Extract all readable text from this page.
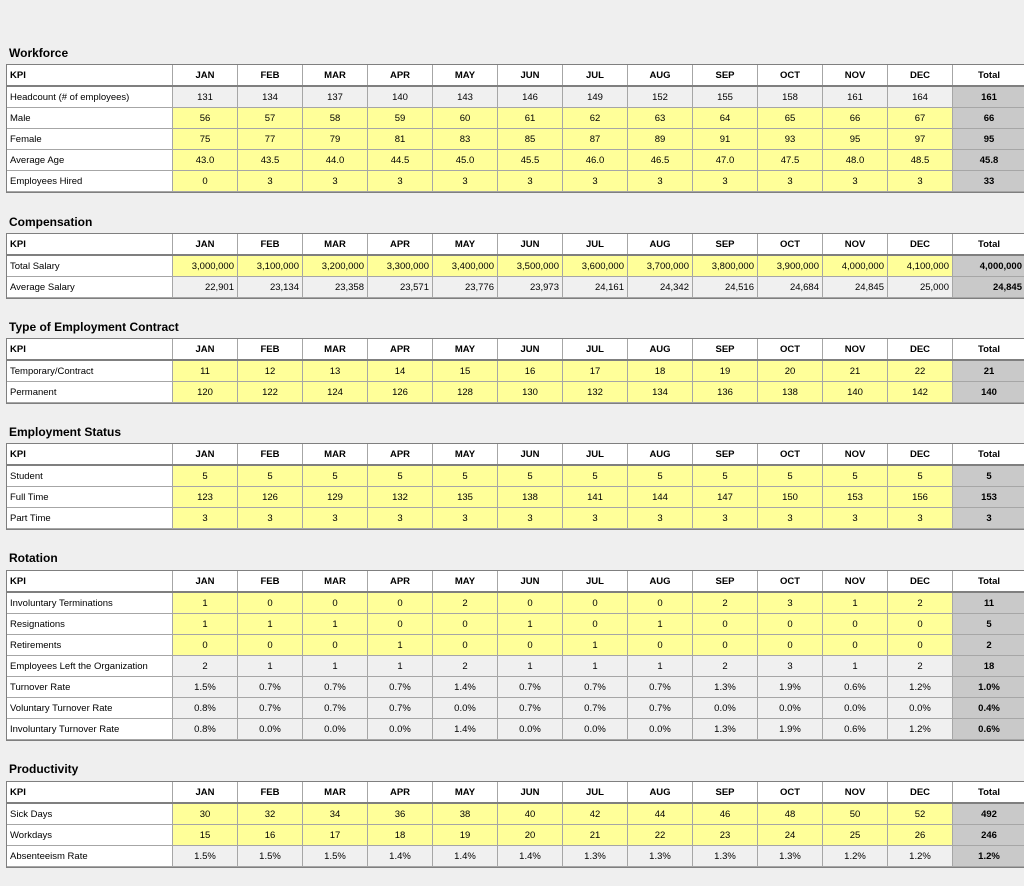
Workforce
KPI	JAN	FEB	MAR	APR	MAY	JUN	JUL	AUG	SEP	OCT	NOV	DEC	Total
Headcount (# of employees)	131	134	137	140	143	146	149	152	155	158	161	164	161
Male	56	57	58	59	60	61	62	63	64	65	66	67	66
Female	75	77	79	81	83	85	87	89	91	93	95	97	95
Average Age	43.0	43.5	44.0	44.5	45.0	45.5	46.0	46.5	47.0	47.5	48.0	48.5	45.8
Employees Hired	0	3	3	3	3	3	3	3	3	3	3	3	33
Compensation
KPI	JAN	FEB	MAR	APR	MAY	JUN	JUL	AUG	SEP	OCT	NOV	DEC	Total
Total Salary	3,000,000	3,100,000	3,200,000	3,300,000	3,400,000	3,500,000	3,600,000	3,700,000	3,800,000	3,900,000	4,000,000	4,100,000	4,000,000
Average Salary	22,901	23,134	23,358	23,571	23,776	23,973	24,161	24,342	24,516	24,684	24,845	25,000	24,845
Type of Employment Contract
KPI	JAN	FEB	MAR	APR	MAY	JUN	JUL	AUG	SEP	OCT	NOV	DEC	Total
Temporary/Contract	11	12	13	14	15	16	17	18	19	20	21	22	21
Permanent	120	122	124	126	128	130	132	134	136	138	140	142	140
Employment Status
KPI	JAN	FEB	MAR	APR	MAY	JUN	JUL	AUG	SEP	OCT	NOV	DEC	Total
Student	5	5	5	5	5	5	5	5	5	5	5	5	5
Full Time	123	126	129	132	135	138	141	144	147	150	153	156	153
Part Time	3	3	3	3	3	3	3	3	3	3	3	3	3
Rotation
KPI	JAN	FEB	MAR	APR	MAY	JUN	JUL	AUG	SEP	OCT	NOV	DEC	Total
Involuntary Terminations	1	0	0	0	2	0	0	0	2	3	1	2	11
Resignations	1	1	1	0	0	1	0	1	0	0	0	0	5
Retirements	0	0	0	1	0	0	1	0	0	0	0	0	2
Employees Left the Organization	2	1	1	1	2	1	1	1	2	3	1	2	18
Turnover Rate	1.5%	0.7%	0.7%	0.7%	1.4%	0.7%	0.7%	0.7%	1.3%	1.9%	0.6%	1.2%	1.0%
Voluntary Turnover Rate	0.8%	0.7%	0.7%	0.7%	0.0%	0.7%	0.7%	0.7%	0.0%	0.0%	0.0%	0.0%	0.4%
Involuntary Turnover Rate	0.8%	0.0%	0.0%	0.0%	1.4%	0.0%	0.0%	0.0%	1.3%	1.9%	0.6%	1.2%	0.6%
Productivity
KPI	JAN	FEB	MAR	APR	MAY	JUN	JUL	AUG	SEP	OCT	NOV	DEC	Total
Sick Days	30	32	34	36	38	40	42	44	46	48	50	52	492
Workdays	15	16	17	18	19	20	21	22	23	24	25	26	246
Absenteeism Rate	1.5%	1.5%	1.5%	1.4%	1.4%	1.4%	1.3%	1.3%	1.3%	1.3%	1.2%	1.2%	1.2%
